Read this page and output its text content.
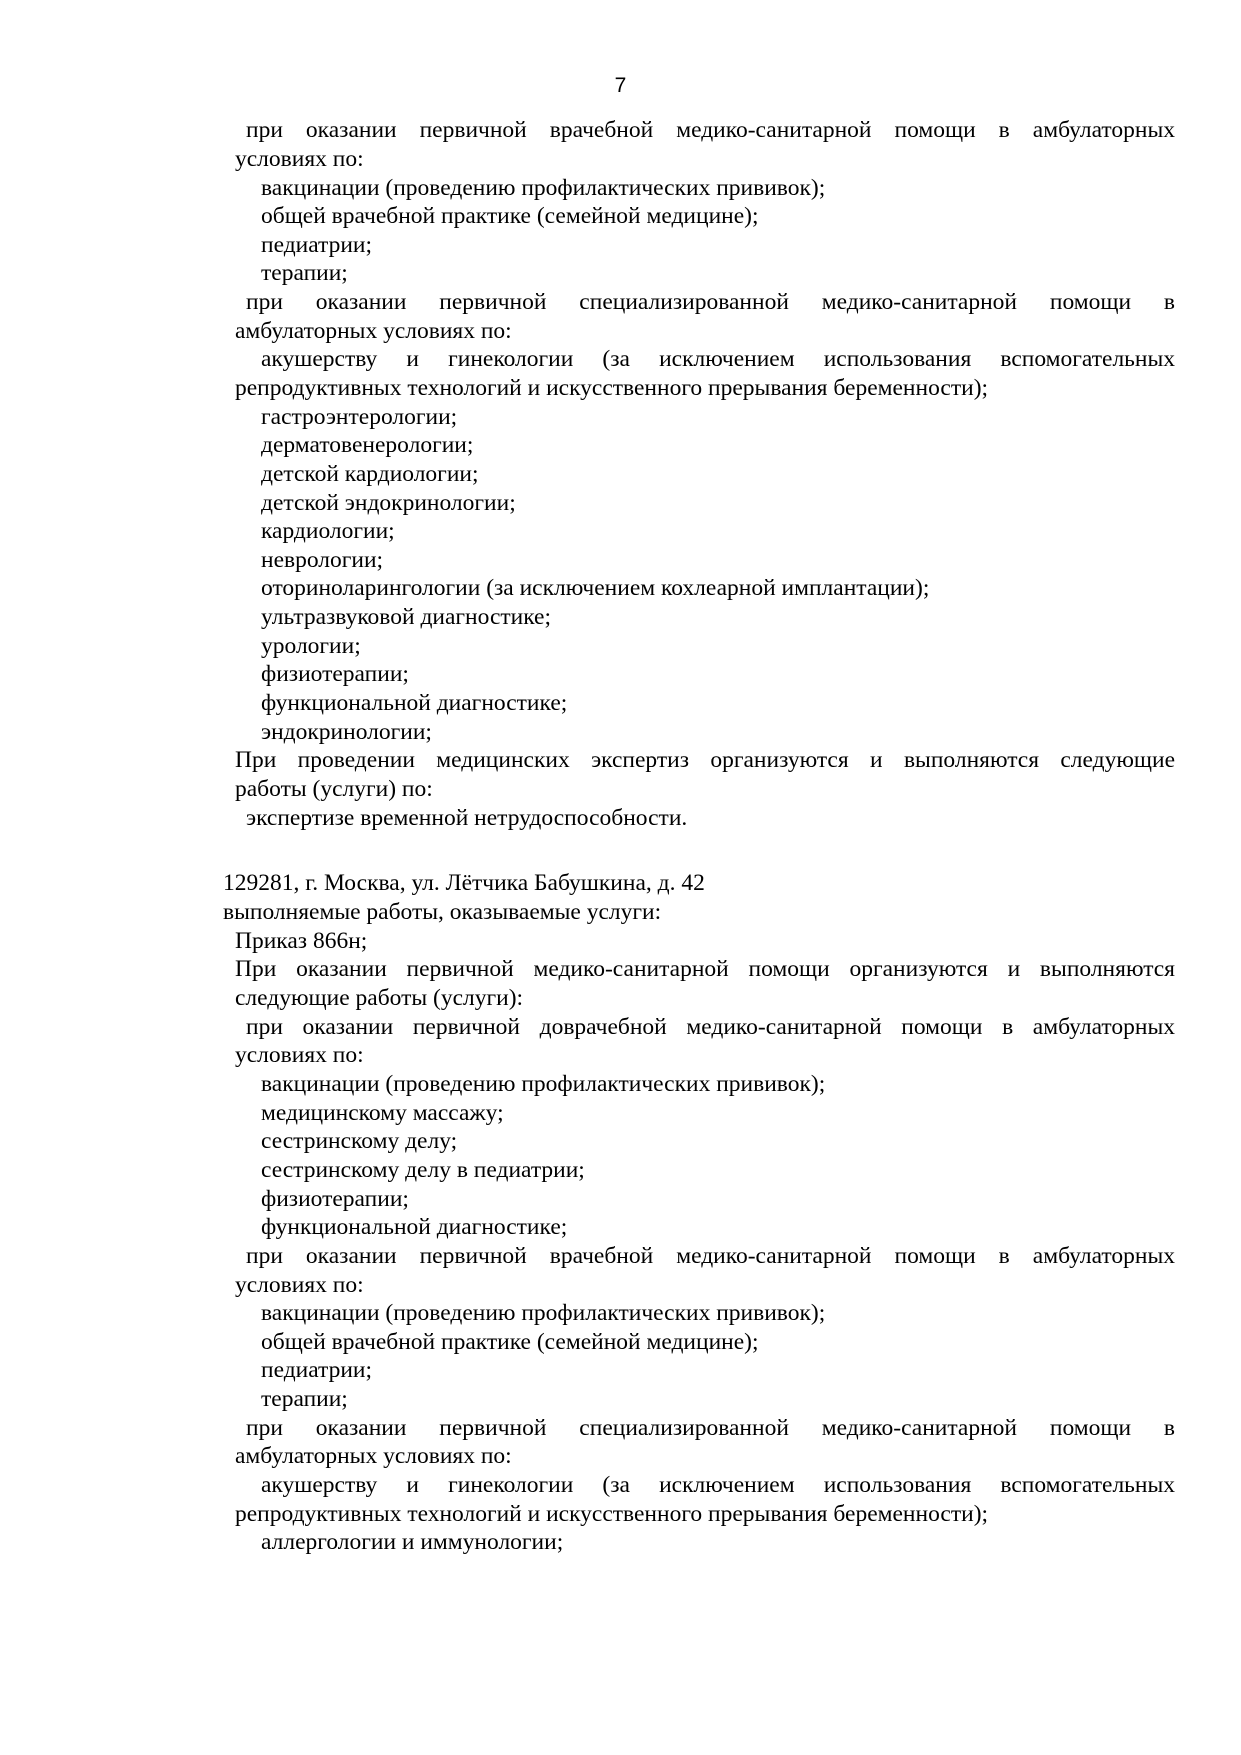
7

при оказании первичной врачебной медико-санитарной помощи в амбулаторных

условиях по:

вакцинации (проведению профилактических прививок);

общей врачебной практике (семейной медицине);

педиатрии;

терапии;

при оказании первичной специализированной медико-санитарной помощи в

амбулаторных условиях по:

акушерству и гинекологии (за исключением использования вспомогательных

репродуктивных технологий и искусственного прерывания беременности);

гастроэнтерологии;

дерматовенерологии;

детской кардиологии;

детской эндокринологии;

кардиологии;

неврологии;

оториноларингологии (за исключением кохлеарной имплантации);

ультразвуковой диагностике;

урологии;

физиотерапии;

функциональной диагностике;

эндокринологии;

При проведении медицинских экспертиз организуются и выполняются следующие

работы (услуги) по:

экспертизе временной нетрудоспособности.

129281, г. Москва, ул. Лётчика Бабушкина, д. 42

выполняемые работы, оказываемые услуги:

Приказ 866н;

При оказании первичной медико-санитарной помощи организуются и выполняются

следующие работы (услуги):

при оказании первичной доврачебной медико-санитарной помощи в амбулаторных

условиях по:

вакцинации (проведению профилактических прививок);

медицинскому массажу;

сестринскому делу;

сестринскому делу в педиатрии;

физиотерапии;

функциональной диагностике;

при оказании первичной врачебной медико-санитарной помощи в амбулаторных

условиях по:

вакцинации (проведению профилактических прививок);

общей врачебной практике (семейной медицине);

педиатрии;

терапии;

при оказании первичной специализированной медико-санитарной помощи в

амбулаторных условиях по:

акушерству и гинекологии (за исключением использования вспомогательных

репродуктивных технологий и искусственного прерывания беременности);

аллергологии и иммунологии;
